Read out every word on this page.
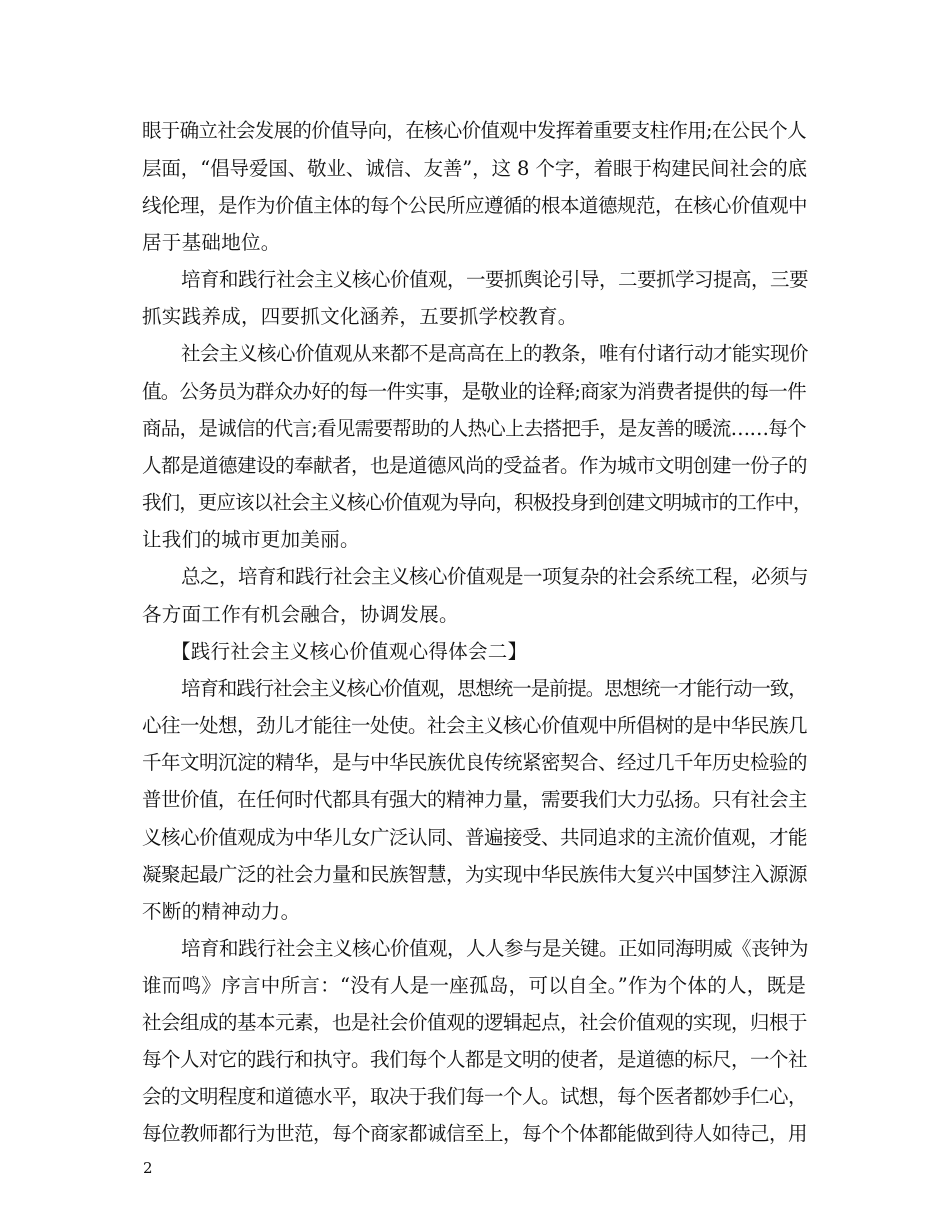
眼于确立社会发展的价值导向，在核心价值观中发挥着重要支柱作用;在公民个人
层面，“倡导爱国、敬业、诚信、友善”，这 8 个字，着眼于构建民间社会的底
线伦理，是作为价值主体的每个公民所应遵循的根本道德规范，在核心价值观中
居于基础地位。
培育和践行社会主义核心价值观，一要抓舆论引导，二要抓学习提高，三要
抓实践养成，四要抓文化涵养，五要抓学校教育。
社会主义核心价值观从来都不是高高在上的教条，唯有付诸行动才能实现价
值。公务员为群众办好的每一件实事，是敬业的诠释;商家为消费者提供的每一件
商品，是诚信的代言;看见需要帮助的人热心上去搭把手，是友善的暖流……每个
人都是道德建设的奉献者，也是道德风尚的受益者。作为城市文明创建一份子的
我们，更应该以社会主义核心价值观为导向，积极投身到创建文明城市的工作中，
让我们的城市更加美丽。
总之，培育和践行社会主义核心价值观是一项复杂的社会系统工程，必须与
各方面工作有机会融合，协调发展。
【践行社会主义核心价值观心得体会二】
培育和践行社会主义核心价值观，思想统一是前提。思想统一才能行动一致，
心往一处想，劲儿才能往一处使。社会主义核心价值观中所倡树的是中华民族几
千年文明沉淀的精华，是与中华民族优良传统紧密契合、经过几千年历史检验的
普世价值，在任何时代都具有强大的精神力量，需要我们大力弘扬。只有社会主
义核心价值观成为中华儿女广泛认同、普遍接受、共同追求的主流价值观，才能
凝聚起最广泛的社会力量和民族智慧，为实现中华民族伟大复兴中国梦注入源源
不断的精神动力。
培育和践行社会主义核心价值观，人人参与是关键。正如同海明威《丧钟为
谁而鸣》序言中所言：“没有人是一座孤岛，可以自全。”作为个体的人，既是
社会组成的基本元素，也是社会价值观的逻辑起点，社会价值观的实现，归根于
每个人对它的践行和执守。我们每个人都是文明的使者，是道德的标尺，一个社
会的文明程度和道德水平，取决于我们每一个人。试想，每个医者都妙手仁心，
每位教师都行为世范，每个商家都诚信至上，每个个体都能做到待人如待己，用
2
